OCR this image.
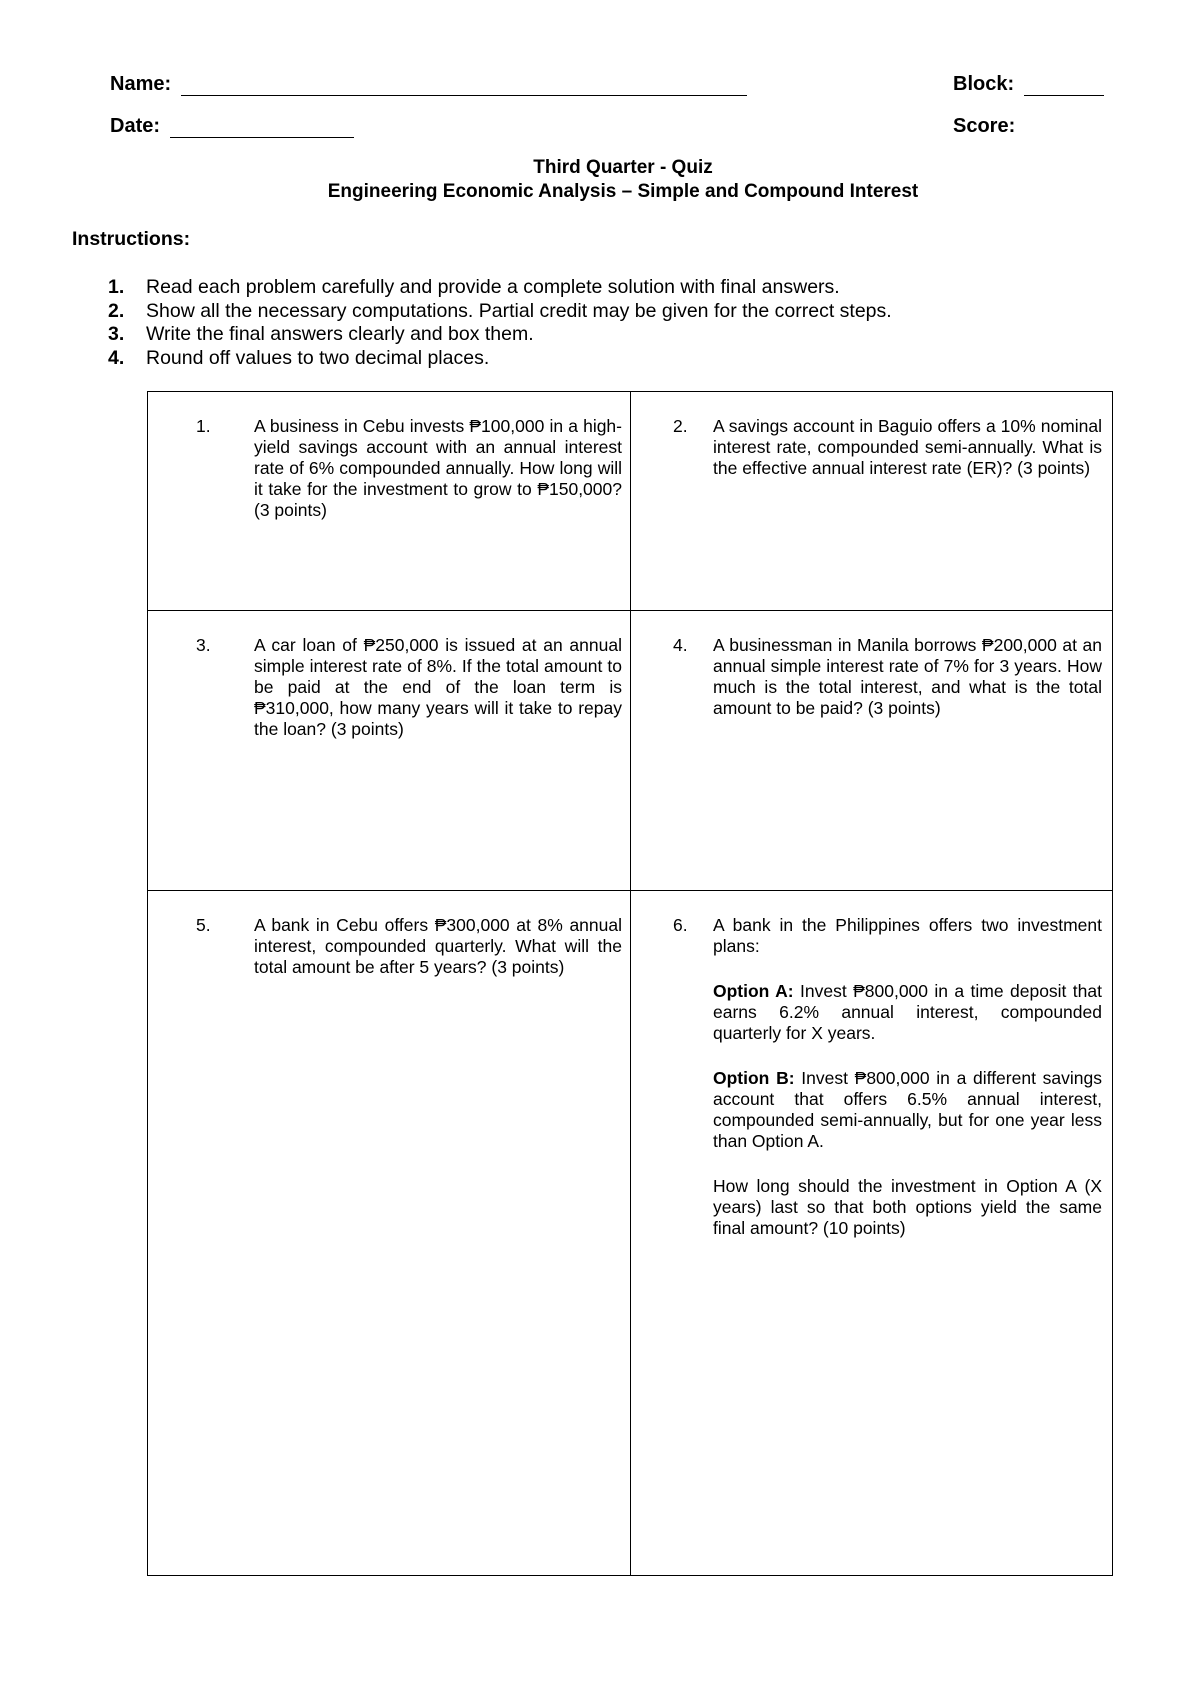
Name:	Block:
Date:	Score:
Third Quarter - Quiz
Engineering Economic Analysis – Simple and Compound Interest
Instructions:
1.	Read each problem carefully and provide a complete solution with final answers.
2.	Show all the necessary computations. Partial credit may be given for the correct steps.
3.	Write the final answers clearly and box them.
4.	Round off values to two decimal places.
1.	A business in Cebu invests ₱100,000 in a high-yield savings account with an annual interest rate of 6% compounded annually. How long will it take for the investment to grow to ₱150,000? (3 points)
2.	A savings account in Baguio offers a 10% nominal interest rate, compounded semi-annually. What is the effective annual interest rate (ER)? (3 points)
3.	A car loan of ₱250,000 is issued at an annual simple interest rate of 8%. If the total amount to be paid at the end of the loan term is ₱310,000, how many years will it take to repay the loan? (3 points)
4.	A businessman in Manila borrows ₱200,000 at an annual simple interest rate of 7% for 3 years. How much is the total interest, and what is the total amount to be paid? (3 points)
5.	A bank in Cebu offers ₱300,000 at 8% annual interest, compounded quarterly. What will the total amount be after 5 years? (3 points)
6.	A bank in the Philippines offers two investment plans:

Option A: Invest ₱800,000 in a time deposit that earns 6.2% annual interest, compounded quarterly for X years.

Option B: Invest ₱800,000 in a different savings account that offers 6.5% annual interest, compounded semi-annually, but for one year less than Option A.

How long should the investment in Option A (X years) last so that both options yield the same final amount? (10 points)
